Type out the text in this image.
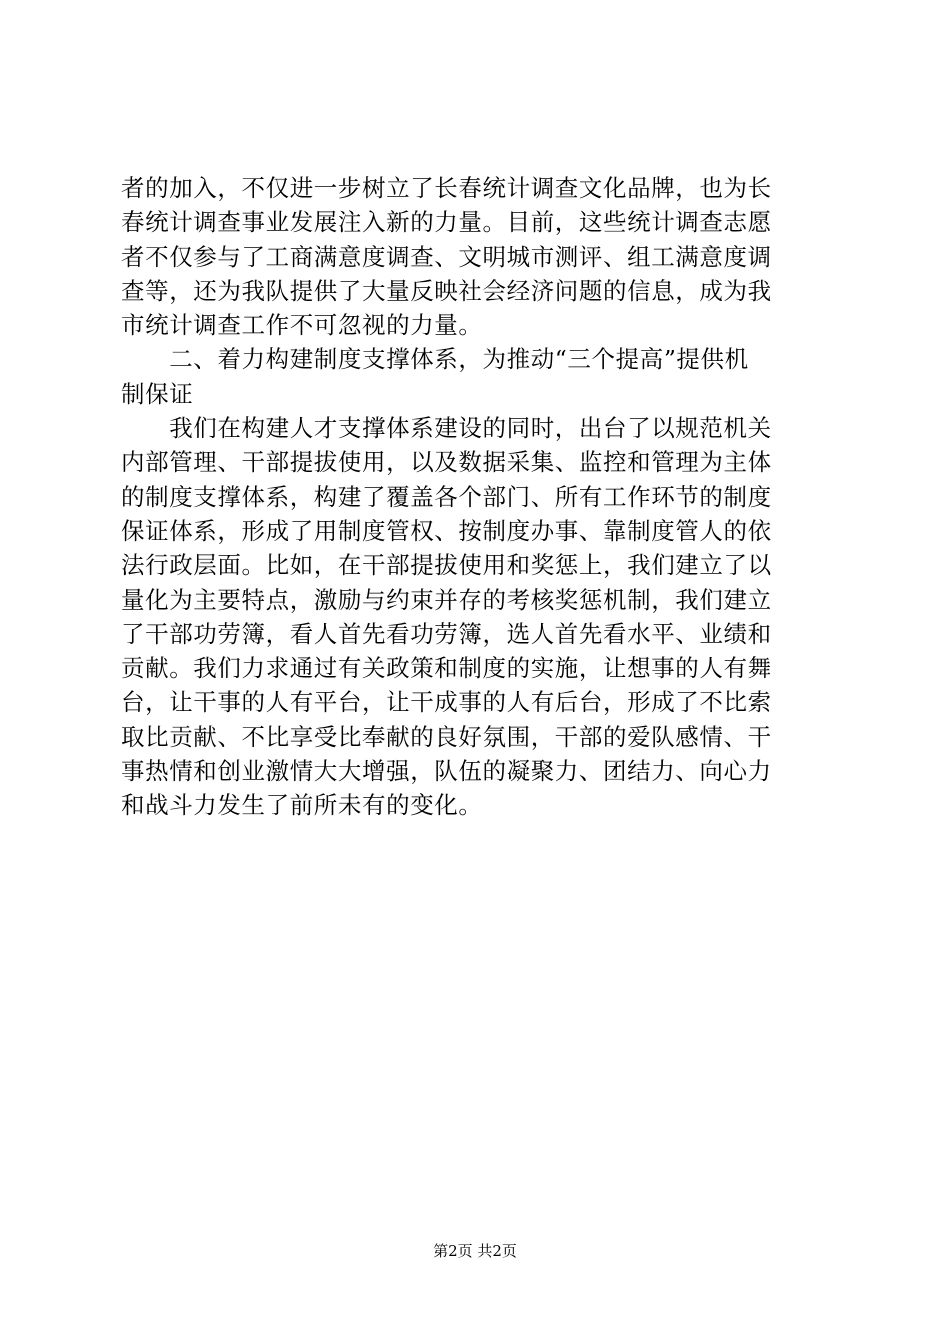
者的加入，不仅进一步树立了长春统计调查文化品牌，也为长
春统计调查事业发展注入新的力量。目前，这些统计调查志愿
者不仅参与了工商满意度调查、文明城市测评、组工满意度调
查等，还为我队提供了大量反映社会经济问题的信息，成为我
市统计调查工作不可忽视的力量。
　　二、着力构建制度支撑体系，为推动“三个提高”提供机
制保证
　　我们在构建人才支撑体系建设的同时，出台了以规范机关
内部管理、干部提拔使用，以及数据采集、监控和管理为主体
的制度支撑体系，构建了覆盖各个部门、所有工作环节的制度
保证体系，形成了用制度管权、按制度办事、靠制度管人的依
法行政层面。比如，在干部提拔使用和奖惩上，我们建立了以
量化为主要特点，激励与约束并存的考核奖惩机制，我们建立
了干部功劳簿，看人首先看功劳簿，选人首先看水平、业绩和
贡献。我们力求通过有关政策和制度的实施，让想事的人有舞
台，让干事的人有平台，让干成事的人有后台，形成了不比索
取比贡献、不比享受比奉献的良好氛围，干部的爱队感情、干
事热情和创业激情大大增强，队伍的凝聚力、团结力、向心力
和战斗力发生了前所未有的变化。
第2页 共2页
